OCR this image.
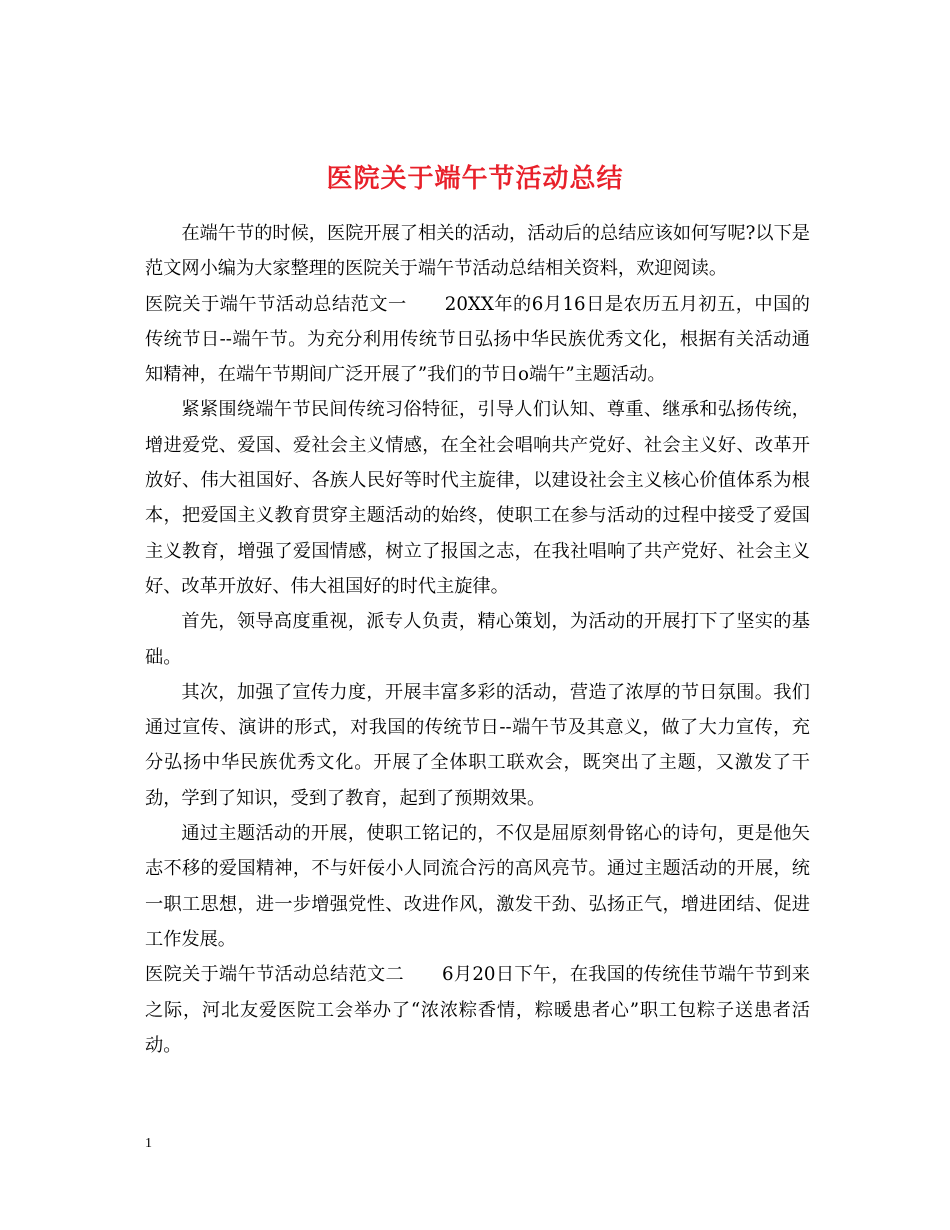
医院关于端午节活动总结

在端午节的时候，医院开展了相关的活动，活动后的总结应该如何写呢?以下是范文网小编为大家整理的医院关于端午节活动总结相关资料，欢迎阅读。

医院关于端午节活动总结范文一 20XX年的6月16日是农历五月初五，中国的传统节日--端午节。为充分利用传统节日弘扬中华民族优秀文化，根据有关活动通知精神，在端午节期间广泛开展了”我们的节日o端午”主题活动。

紧紧围绕端午节民间传统习俗特征，引导人们认知、尊重、继承和弘扬传统，增进爱党、爱国、爱社会主义情感，在全社会唱响共产党好、社会主义好、改革开放好、伟大祖国好、各族人民好等时代主旋律，以建设社会主义核心价值体系为根本，把爱国主义教育贯穿主题活动的始终，使职工在参与活动的过程中接受了爱国主义教育，增强了爱国情感，树立了报国之志，在我社唱响了共产党好、社会主义好、改革开放好、伟大祖国好的时代主旋律。

首先，领导高度重视，派专人负责，精心策划，为活动的开展打下了坚实的基础。

其次，加强了宣传力度，开展丰富多彩的活动，营造了浓厚的节日氛围。我们通过宣传、演讲的形式，对我国的传统节日--端午节及其意义，做了大力宣传，充分弘扬中华民族优秀文化。开展了全体职工联欢会，既突出了主题，又激发了干劲，学到了知识，受到了教育，起到了预期效果。

通过主题活动的开展，使职工铭记的，不仅是屈原刻骨铭心的诗句，更是他矢志不移的爱国精神，不与奸佞小人同流合污的高风亮节。通过主题活动的开展，统一职工思想，进一步增强党性、改进作风，激发干劲、弘扬正气，增进团结、促进工作发展。

医院关于端午节活动总结范文二 6月20日下午，在我国的传统佳节端午节到来之际，河北友爱医院工会举办了“浓浓粽香情，粽暖患者心”职工包粽子送患者活动。

1
